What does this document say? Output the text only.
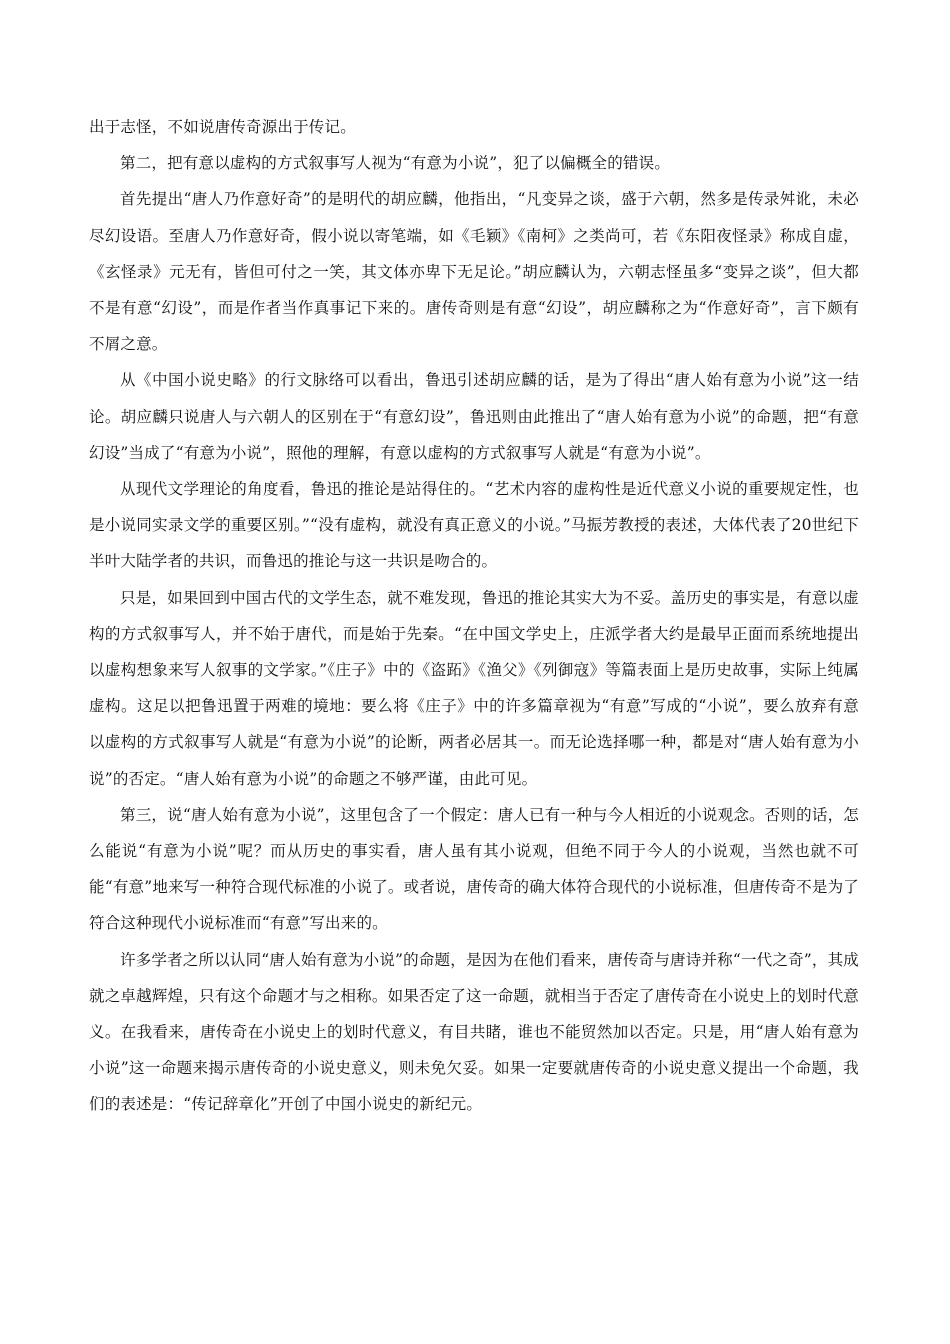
出于志怪，不如说唐传奇源出于传记。

第二，把有意以虚构的方式叙事写人视为“有意为小说”，犯了以偏概全的错误。

首先提出“唐人乃作意好奇”的是明代的胡应麟，他指出，“凡变异之谈，盛于六朝，然多是传录舛讹，未必尽幻设语。至唐人乃作意好奇，假小说以寄笔端，如《毛颖》《南柯》之类尚可，若《东阳夜怪录》称成自虚，《玄怪录》元无有，皆但可付之一笑，其文体亦卑下无足论。”胡应麟认为，六朝志怪虽多“变异之谈”，但大都不是有意“幻设”，而是作者当作真事记下来的。唐传奇则是有意“幻设”，胡应麟称之为“作意好奇”，言下颇有不屑之意。

从《中国小说史略》的行文脉络可以看出，鲁迅引述胡应麟的话，是为了得出“唐人始有意为小说”这一结论。胡应麟只说唐人与六朝人的区别在于“有意幻设”，鲁迅则由此推出了“唐人始有意为小说”的命题，把“有意幻设”当成了“有意为小说”，照他的理解，有意以虚构的方式叙事写人就是“有意为小说”。

从现代文学理论的角度看，鲁迅的推论是站得住的。“艺术内容的虚构性是近代意义小说的重要规定性，也是小说同实录文学的重要区别。”“没有虚构，就没有真正意义的小说。”马振芳教授的表述，大体代表了20世纪下半叶大陆学者的共识，而鲁迅的推论与这一共识是吻合的。

只是，如果回到中国古代的文学生态，就不难发现，鲁迅的推论其实大为不妥。盖历史的事实是，有意以虚构的方式叙事写人，并不始于唐代，而是始于先秦。“在中国文学史上，庄派学者大约是最早正面而系统地提出以虚构想象来写人叙事的文学家。”《庄子》中的《盗跖》《渔父》《列御寇》等篇表面上是历史故事，实际上纯属虚构。这足以把鲁迅置于两难的境地：要么将《庄子》中的许多篇章视为“有意”写成的“小说”，要么放弃有意以虚构的方式叙事写人就是“有意为小说”的论断，两者必居其一。而无论选择哪一种，都是对“唐人始有意为小说”的否定。“唐人始有意为小说”的命题之不够严谨，由此可见。

第三，说“唐人始有意为小说”，这里包含了一个假定：唐人已有一种与今人相近的小说观念。否则的话，怎么能说“有意为小说”呢？而从历史的事实看，唐人虽有其小说观，但绝不同于今人的小说观，当然也就不可能“有意”地来写一种符合现代标准的小说了。或者说，唐传奇的确大体符合现代的小说标准，但唐传奇不是为了符合这种现代小说标准而“有意”写出来的。

许多学者之所以认同“唐人始有意为小说”的命题，是因为在他们看来，唐传奇与唐诗并称“一代之奇”，其成就之卓越辉煌，只有这个命题才与之相称。如果否定了这一命题，就相当于否定了唐传奇在小说史上的划时代意义。在我看来，唐传奇在小说史上的划时代意义，有目共睹，谁也不能贸然加以否定。只是，用“唐人始有意为小说”这一命题来揭示唐传奇的小说史意义，则未免欠妥。如果一定要就唐传奇的小说史意义提出一个命题，我们的表述是：“传记辞章化”开创了中国小说史的新纪元。
